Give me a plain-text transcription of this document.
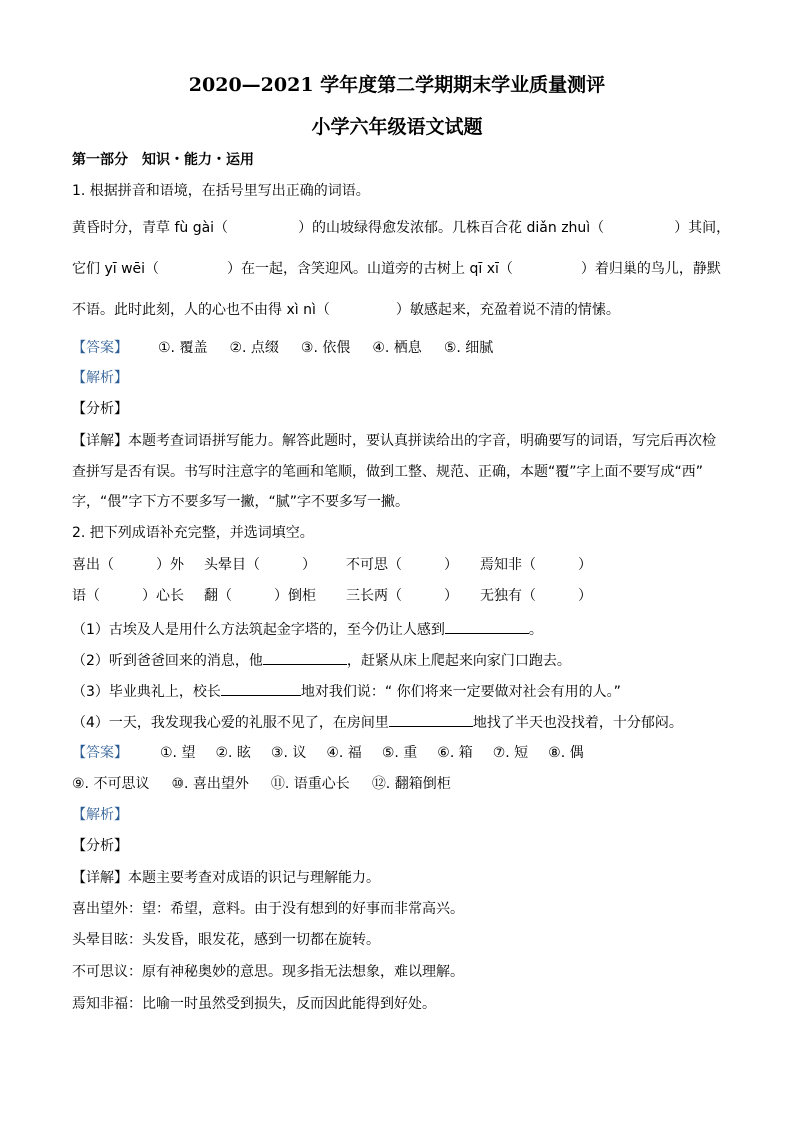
2020—2021 学年度第二学期期末学业质量测评
小学六年级语文试题
第一部分　知识・能力・运用
1. 根据拼音和语境，在括号里写出正确的词语。
黄昏时分，青草 fù gài（	）的山坡绿得愈发浓郁。几株百合花 diǎn zhuì（	）其间，
它们 yī wēi（	）在一起，含笑迎风。山道旁的古树上 qī xī（	）着归巢的鸟儿，静默
不语。此时此刻，人的心也不由得 xì nì（	）敏感起来，充盈着说不清的情愫。
【答案】 ①. 覆盖 ②. 点缀 ③. 依偎 ④. 栖息 ⑤. 细腻
【解析】
【分析】
【详解】本题考查词语拼写能力。解答此题时，要认真拼读给出的字音，明确要写的词语，写完后再次检
查拼写是否有误。书写时注意字的笔画和笔顺，做到工整、规范、正确，本题“覆”字上面不要写成“西”
字，“偎”字下方不要多写一撇，“腻”字不要多写一撇。
2. 把下列成语补充完整，并选词填空。
喜出（　　　）外 头晕目（　　　） 不可思（　　　） 焉知非（　　　）
语（　　　）心长 翻（　　　）倒柜 三长两（　　　） 无独有（　　　）
（1）古埃及人是用什么方法筑起金字塔的，至今仍让人感到	。
（2）听到爸爸回来的消息，他	，赶紧从床上爬起来向家门口跑去。
（3）毕业典礼上，校长	地对我们说：“ 你们将来一定要做对社会有用的人。”
（4）一天，我发现我心爱的礼服不见了，在房间里	地找了半天也没找着，十分郁闷。
【答案】 ①. 望 ②. 眩 ③. 议 ④. 福 ⑤. 重 ⑥. 箱 ⑦. 短 ⑧. 偶
⑨. 不可思议 ⑩. 喜出望外 ⑪. 语重心长 ⑫. 翻箱倒柜
【解析】
【分析】
【详解】本题主要考查对成语的识记与理解能力。
喜出望外：望：希望，意料。由于没有想到的好事而非常高兴。
头晕目眩：头发昏，眼发花，感到一切都在旋转。
不可思议：原有神秘奥妙的意思。现多指无法想象，难以理解。
焉知非福：比喻一时虽然受到损失，反而因此能得到好处。
